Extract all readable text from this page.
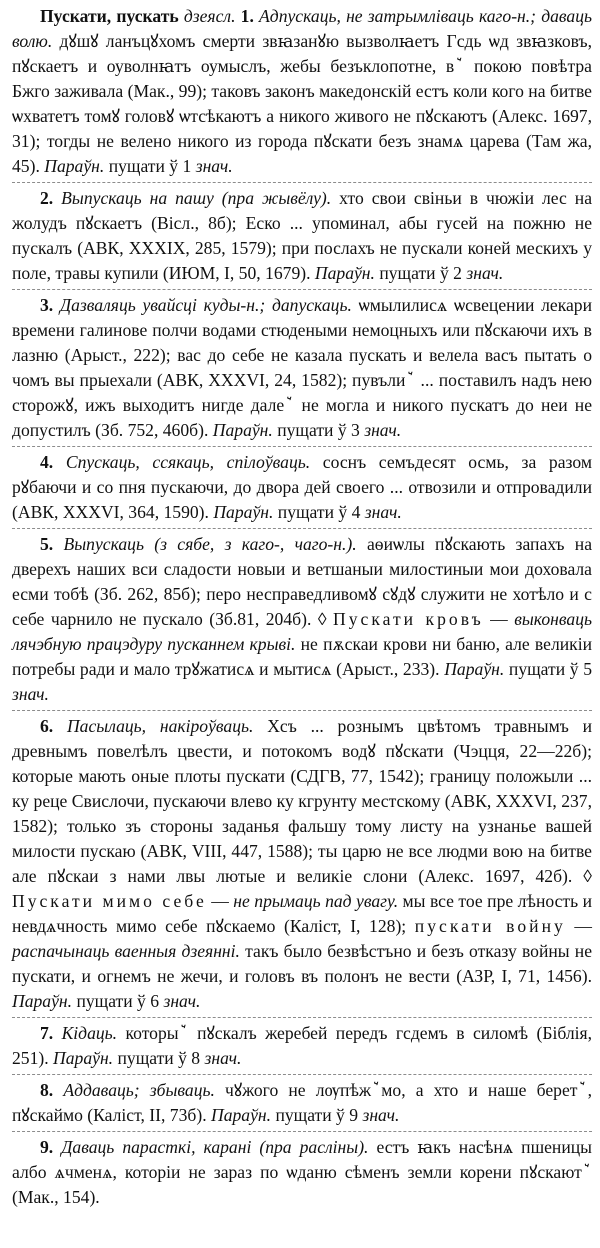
Пускати, пускать дзеясл. 1. Адпускаць, не затрымліваць каго-н.; даваць волю. дꙋшꙋ ланъцꙋхомъ смерти звꙗзанꙋю вызволꙗетъ Гсдь ѡд звꙗзковъ, пꙋскаетъ и оуволнꙗтъ оумыслъ, жебы безъклопотне, вꙿ покою повѣтра Бжго заживала (Мак., 99); таковъ законъ македонскій естъ коли кого на битве ѡхватетъ томꙋ головꙋ ѡтсѣкаютъ а никого живого не пꙋскаютъ (Алекс. 1697, 31); тогды не велено никого из города пꙋскати безъ знамѧ царева (Там жа, 45). Параўн. пущати ў 1 знач.

2. Выпускаць на пашу (пра жывёлу). хто свои свіньи в чюжіи лес на жолудъ пꙋскаетъ (Вісл., 8б); Еско ... упоминал, абы гусей на пожню не пускалъ (АВК, XXXIX, 285, 1579); при послахъ не пускали коней мескихъ у поле, травы купили (ИЮМ, I, 50, 1679). Параўн. пущати ў 2 знач.

3. Дазваляць увайсці куды-н.; дапускаць. ѡмылилисѧ ѡсвецении лекари времени галинове полчи водами стюдеными немоцныхъ или пꙋскаючи ихъ в лазню (Арыст., 222); вас до себе не казала пускать и велела васъ пытать о чомъ вы прыехали (АВК, XXXVI, 24, 1582); пувълиꙿ ... поставилъ надъ нею сторожꙋ, ижъ выходитъ нигде далеꙿ не могла и никого пускатъ до неи не допустилъ (Зб. 752, 460б). Параўн. пущати ў 3 знач.

4. Спускаць, ссякаць, спілоўваць. соснъ семъдесят осмь, за разом рꙋбаючи и со пня пускаючи, до двора дей своего ... отвозили и отпровадили (АВК, XXXVI, 364, 1590). Параўн. пущати ў 4 знач.

5. Выпускаць (з сябе, з каго-, чаго-н.). аѳиѡлы пꙋскають запахъ на дверехъ наших вси сладости новыи и ветшаныи милостиныи мои доховала есми тобѣ (Зб. 262, 85б); перо несправедливомꙋ сꙋдꙋ служити не хотѣло и с себе чарнило не пускало (Зб.81, 204б). ◊ Пускати кровъ — выконваць лячэбную працэдуру пусканнем крыві. не пѫскаи крови ни баню, але великіи потребы ради и мало трꙋжатисѧ и мытисѧ (Арыст., 233). Параўн. пущати ў 5 знач.

6. Пасылаць, накіроўваць. Хсъ ... рознымъ цвѣтомъ травнымъ и древнымъ повелѣлъ цвести, и потокомъ водꙋ пꙋскати (Чэцця, 22—22б); которые мають оные плоты пускати (СДГВ, 77, 1542); границу положыли ... ку реце Свислочи, пускаючи влево ку кгрунту местскому (АВК, XXXVI, 237, 1582); только зъ стороны заданья фальшу тому листу на узнанье вашей милости пускаю (АВК, VIII, 447, 1588); ты царю не все людми вою на битве але пꙋскаи з нами лвы лютые и великіе слони (Алекс. 1697, 42б). ◊ Пускати мимо себе — не прымаць пад увагу. мы все тое пре лѣность и невдѧчность мимо себе пꙋскаемо (Каліст, I, 128); пускати войну — распачынаць ваенныя дзеянні. такъ было безвѣстъно и безъ отказу войны не пускати, и огнемъ не жечи, и головъ въ полонъ не вести (АЗР, I, 71, 1456). Параўн. пущати ў 6 знач.

7. Кідаць. которыꙿ пꙋскалъ жеребей передъ гсдемъ в силомѣ (Біблія, 251). Параўн. пущати ў 8 знач.

8. Аддаваць; збываць. чꙋжого не лѹпѣжꙿмо, а хто и наше беретꙿ, пꙋскаймо (Каліст, II, 73б). Параўн. пущати ў 9 знач.

9. Даваць парасткі, карані (пра расліны). естъ ꙗкъ насѣнѧ пшеницы албо ѧчменѧ, которіи не зараз по ѡданю сѣменъ земли корени пꙋскаютꙿ (Мак., 154).
